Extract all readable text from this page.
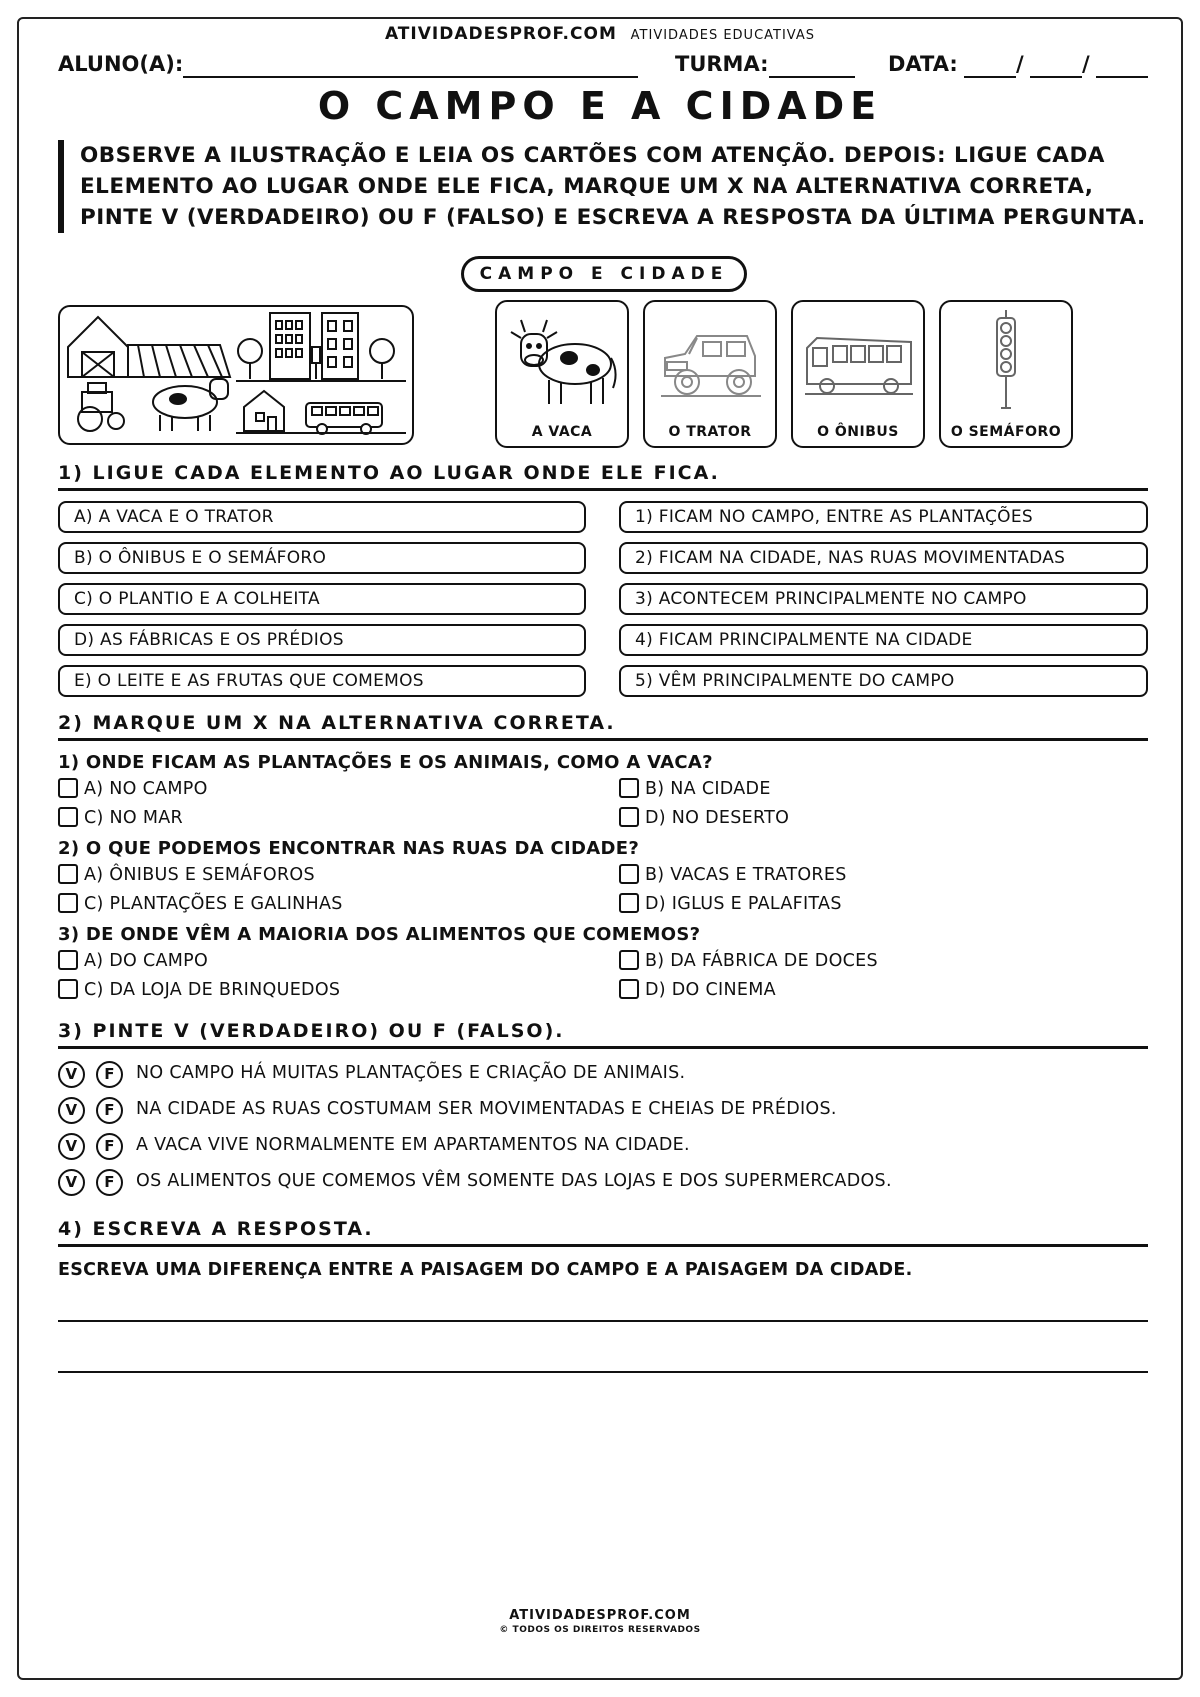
ATIVIDADESPROF.COM ATIVIDADES EDUCATIVAS
ALUNO(A):	TURMA:	DATA:	/	/
O CAMPO E A CIDADE
OBSERVE A ILUSTRAÇÃO E LEIA OS CARTÕES COM ATENÇÃO. DEPOIS: LIGUE CADA ELEMENTO AO LUGAR ONDE ELE FICA, MARQUE UM X NA ALTERNATIVA CORRETA, PINTE V (VERDADEIRO) OU F (FALSO) E ESCREVA A RESPOSTA DA ÚLTIMA PERGUNTA.
CAMPO E CIDADE
A VACA	O TRATOR	O ÔNIBUS	O SEMÁFORO
1) LIGUE CADA ELEMENTO AO LUGAR ONDE ELE FICA.
A) A VACA E O TRATOR
B) O ÔNIBUS E O SEMÁFORO
C) O PLANTIO E A COLHEITA
D) AS FÁBRICAS E OS PRÉDIOS
E) O LEITE E AS FRUTAS QUE COMEMOS
1) FICAM NO CAMPO, ENTRE AS PLANTAÇÕES
2) FICAM NA CIDADE, NAS RUAS MOVIMENTADAS
3) ACONTECEM PRINCIPALMENTE NO CAMPO
4) FICAM PRINCIPALMENTE NA CIDADE
5) VÊM PRINCIPALMENTE DO CAMPO
2) MARQUE UM X NA ALTERNATIVA CORRETA.
1) ONDE FICAM AS PLANTAÇÕES E OS ANIMAIS, COMO A VACA?
A) NO CAMPO	B) NA CIDADE
C) NO MAR	D) NO DESERTO
2) O QUE PODEMOS ENCONTRAR NAS RUAS DA CIDADE?
A) ÔNIBUS E SEMÁFOROS	B) VACAS E TRATORES
C) PLANTAÇÕES E GALINHAS	D) IGLUS E PALAFITAS
3) DE ONDE VÊM A MAIORIA DOS ALIMENTOS QUE COMEMOS?
A) DO CAMPO	B) DA FÁBRICA DE DOCES
C) DA LOJA DE BRINQUEDOS	D) DO CINEMA
3) PINTE V (VERDADEIRO) OU F (FALSO).
V	F	NO CAMPO HÁ MUITAS PLANTAÇÕES E CRIAÇÃO DE ANIMAIS.
V	F	NA CIDADE AS RUAS COSTUMAM SER MOVIMENTADAS E CHEIAS DE PRÉDIOS.
V	F	A VACA VIVE NORMALMENTE EM APARTAMENTOS NA CIDADE.
V	F	OS ALIMENTOS QUE COMEMOS VÊM SOMENTE DAS LOJAS E DOS SUPERMERCADOS.
4) ESCREVA A RESPOSTA.
ESCREVA UMA DIFERENÇA ENTRE A PAISAGEM DO CAMPO E A PAISAGEM DA CIDADE.
ATIVIDADESPROF.COM
© TODOS OS DIREITOS RESERVADOS
